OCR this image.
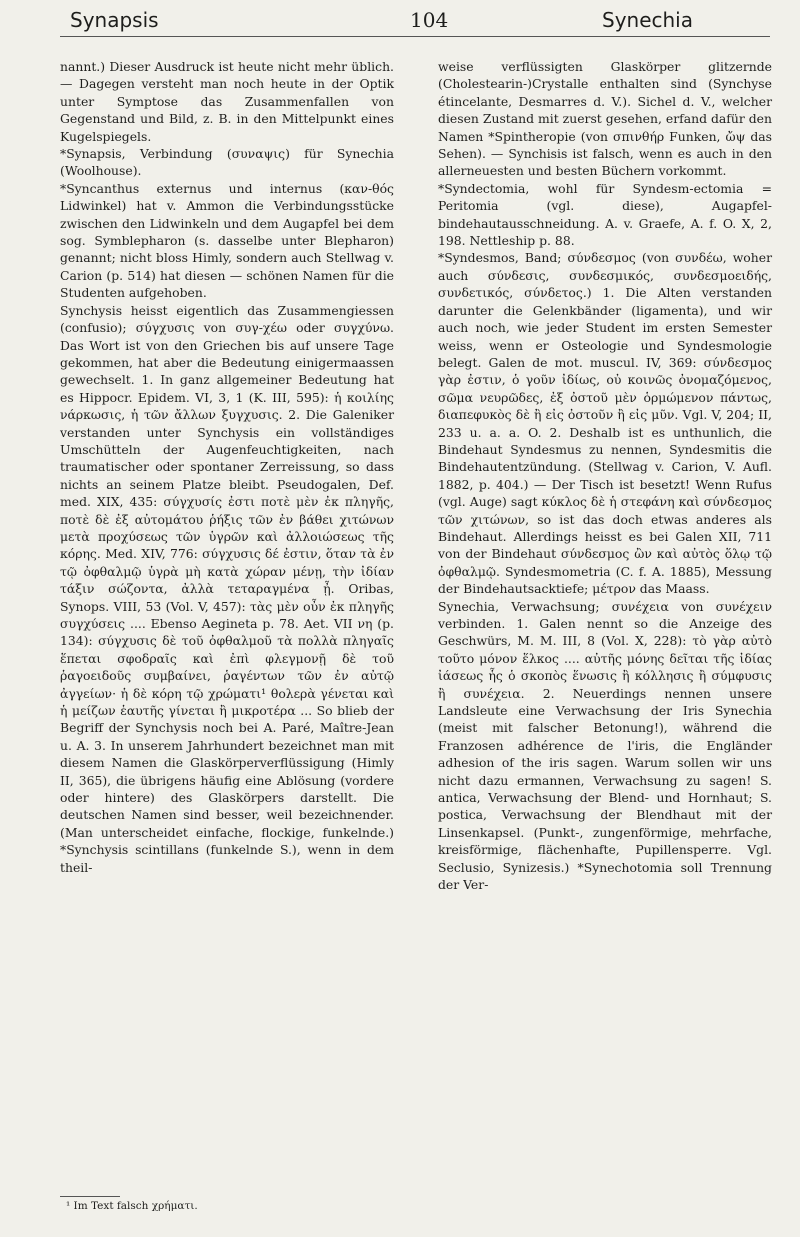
Synapsis	104	Synechia

nannt.) Dieser Ausdruck ist heute nicht mehr üblich. — Dagegen versteht man noch heute in der Optik unter Symptose das Zusammenfallen von Gegenstand und Bild, z. B. in den Mittelpunkt eines Kugelspiegels.

*Synapsis, Verbindung (συναψις) für Synechia (Woolhouse).

*Syncanthus externus und internus (καν-θός Lidwinkel) hat v. Ammon die Verbindungsstücke zwischen den Lidwinkeln und dem Augapfel bei dem sog. Symblepharon (s. dasselbe unter Blepharon) genannt; nicht bloss Himly, sondern auch Stellwag v. Carion (p. 514) hat diesen — schönen Namen für die Studenten aufgehoben.

Synchysis heisst eigentlich das Zusammengiessen (confusio); σύγχυσις von συγ-χέω oder συγχύνω. Das Wort ist von den Griechen bis auf unsere Tage gekommen, hat aber die Bedeutung einigermaassen gewechselt. 1. In ganz allgemeiner Bedeutung hat es Hippocr. Epidem. VI, 3, 1 (K. III, 595): ἡ κοιλίης νάρκωσις, ἡ τῶν ἄλλων ξυγχυσις. 2. Die Galeniker verstanden unter Synchysis ein vollständiges Umschütteln der Augenfeuchtigkeiten, nach traumatischer oder spontaner Zerreissung, so dass nichts an seinem Platze bleibt. Pseudogalen, Def. med. XIX, 435: σύγχυσίς ἐστι ποτὲ μὲν ἐκ πληγῆς, ποτὲ δὲ ἐξ αὐτομάτου ῥήξις τῶν ἐν βάθει χιτώνων μετὰ προχύσεως τῶν ὑγρῶν καὶ ἀλλοιώσεως τῆς κόρης. Med. XIV, 776: σύγχυσις δέ ἐστιν, ὅταν τὰ ἐν τῷ ὀφθαλμῷ ὑγρὰ μὴ κατὰ χώραν μένῃ, τὴν ἰδίαν τάξιν σώζοντα, ἀλλὰ τεταραγμένα ᾖ. Oribas, Synops. VIII, 53 (Vol. V, 457): τὰς μὲν οὖν ἐκ πληγῆς συγχύσεις .... Ebenso Aegineta p. 78. Aet. VII νη (p. 134): σύγχυσις δὲ τοῦ ὀφθαλμοῦ τὰ πολλὰ πληγαῖς ἕπεται σφοδραῖς καὶ ἐπὶ φλεγμονῇ δὲ τοῦ ῥαγοειδοῦς συμβαίνει, ῥαγέντων τῶν ἐν αὐτῷ ἀγγείων· ἡ δὲ κόρη τῷ χρώματι¹ θολερὰ γένεται καὶ ἡ μείζων ἑαυτῆς γίνεται ἢ μικροτέρα ... So blieb der Begriff der Synchysis noch bei A. Paré, Maître-Jean u. A. 3. In unserem Jahrhundert bezeichnet man mit diesem Namen die Glaskörperverflüssigung (Himly II, 365), die übrigens häufig eine Ablösung (vordere oder hintere) des Glaskörpers darstellt. Die deutschen Namen sind besser, weil bezeichnender. (Man unterscheidet einfache, flockige, funkelnde.) *Synchysis scintillans (funkelnde S.), wenn in dem theil-

weise verflüssigten Glaskörper glitzernde (Cholestearin-)Crystalle enthalten sind (Synchyse étincelante, Desmarres d. V.). Sichel d. V., welcher diesen Zustand mit zuerst gesehen, erfand dafür den Namen *Spintheropie (von σπινθήρ Funken, ὤψ das Sehen). — Synchisis ist falsch, wenn es auch in den allerneuesten und besten Büchern vorkommt.

*Syndectomia, wohl für Syndesm-ectomia = Peritomia (vgl. diese), Augapfel-bindehautausschneidung. A. v. Graefe, A. f. O. X, 2, 198. Nettleship p. 88.

*Syndesmos, Band; σύνδεσμος (von συνδέω, woher auch σύνδεσις, συνδεσμικός, συνδεσμοειδής, συνδετικός, σύνδετος.) 1. Die Alten verstanden darunter die Gelenkbänder (ligamenta), und wir auch noch, wie jeder Student im ersten Semester weiss, wenn er Osteologie und Syndesmologie belegt. Galen de mot. muscul. IV, 369: σύνδεσμος γὰρ ἐστιν, ὁ γοῦν ἰδίως, οὐ κοινῶς ὀνομαζόμενος, σῶμα νευρῶδες, ἐξ ὀστοῦ μὲν ὁρμώμενον πάντως, διαπεφυκὸς δὲ ἢ εἰς ὀστοῦν ἢ εἰς μῦν. Vgl. V, 204; II, 233 u. a. a. O. 2. Deshalb ist es unthunlich, die Bindehaut Syndesmus zu nennen, Syndesmitis die Bindehautentzündung. (Stellwag v. Carion, V. Aufl. 1882, p. 404.) — Der Tisch ist besetzt! Wenn Rufus (vgl. Auge) sagt κύκλος δὲ ἡ στεφάνη καὶ σύνδεσμος τῶν χιτώνων, so ist das doch etwas anderes als Bindehaut. Allerdings heisst es bei Galen XII, 711 von der Bindehaut σύνδεσμος ὢν καὶ αὐτὸς ὅλῳ τῷ ὀφθαλμῷ. Syndesmometria (C. f. A. 1885), Messung der Bindehautsacktiefe; μέτρον das Maass.

Synechia, Verwachsung; συνέχεια von συνέχειν verbinden. 1. Galen nennt so die Anzeige des Geschwürs, M. M. III, 8 (Vol. X, 228): τὸ γὰρ αὐτὸ τοῦτο μόνον ἕλκος .... αὐτῆς μόνης δεῖται τῆς ἰδίας ἰάσεως ἧς ὁ σκοπὸς ἕνωσις ἢ κόλλησις ἢ σύμφυσις ἢ συνέχεια. 2. Neuerdings nennen unsere Landsleute eine Verwachsung der Iris Synechia (meist mit falscher Betonung!), während die Franzosen adhérence de l'iris, die Engländer adhesion of the iris sagen. Warum sollen wir uns nicht dazu ermannen, Verwachsung zu sagen! S. antica, Verwachsung der Blend- und Hornhaut; S. postica, Verwachsung der Blendhaut mit der Linsenkapsel. (Punkt-, zungenförmige, mehrfache, kreisförmige, flächenhafte, Pupillensperre. Vgl. Seclusio, Synizesis.) *Synechotomia soll Trennung der Ver-

¹ Im Text falsch χρήματι.
